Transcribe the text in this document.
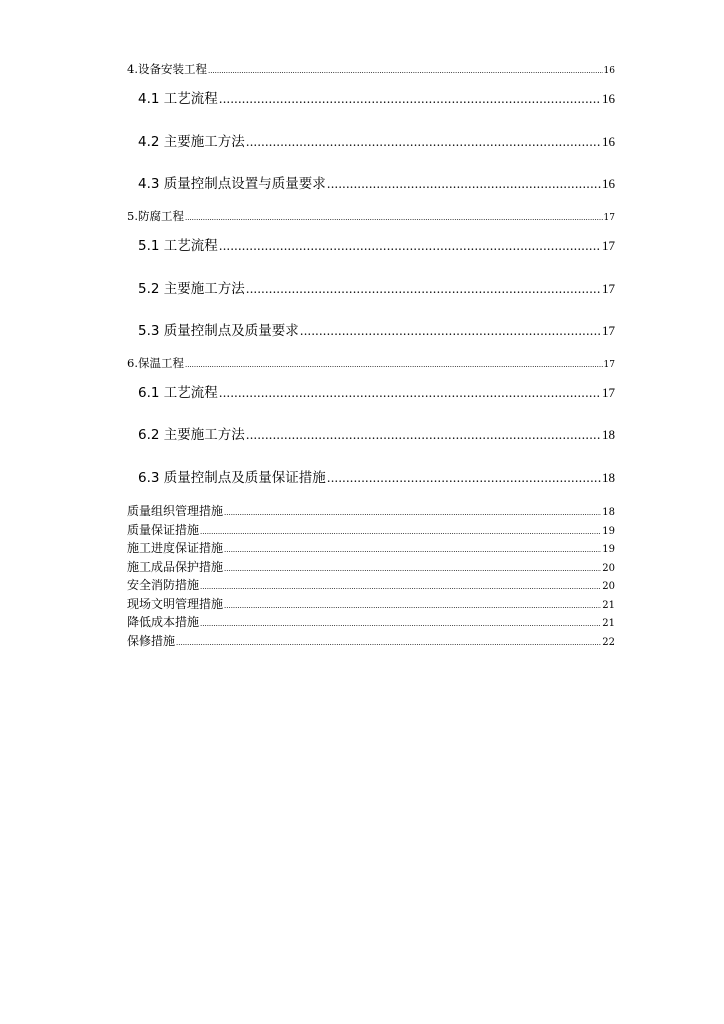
4.设备安装工程 .....	16
4.1 工艺流程 .....	16
4.2 主要施工方法 .....	16
4.3 质量控制点设置与质量要求 .....	16
5.防腐工程 .....	17
5.1 工艺流程 .....	17
5.2 主要施工方法 .....	17
5.3 质量控制点及质量要求 .....	17
6.保温工程 .....	17
6.1 工艺流程 .....	17
6.2 主要施工方法 .....	18
6.3 质量控制点及质量保证措施 .....	18
质量组织管理措施 .....	18
质量保证措施 .....	19
施工进度保证措施 .....	19
施工成品保护措施 .....	20
安全消防措施 .....	20
现场文明管理措施 .....	21
降低成本措施 .....	21
保修措施 .....	22
